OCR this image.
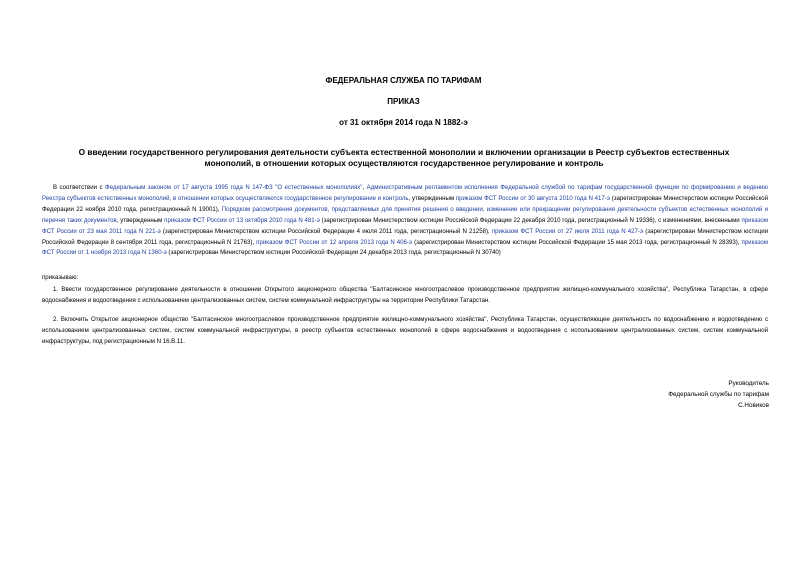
ФЕДЕРАЛЬНАЯ СЛУЖБА ПО ТАРИФАМ
ПРИКАЗ
от 31 октября 2014 года N 1882-э
О введении государственного регулирования деятельности субъекта естественной монополии и включении организации в Реестр субъектов естественных монополий, в отношении которых осуществляются государственное регулирование и контроль
В соответствии с Федеральным законом от 17 августа 1995 года N 147-ФЗ "О естественных монополиях", Административным регламентом исполнения Федеральной службой по тарифам государственной функции по формированию и ведению Реестра субъектов естественных монополий, в отношении которых осуществляются государственное регулирование и контроль, утвержденным приказом ФСТ России от 30 августа 2010 года N 417-э (зарегистрирован Министерством юстиции Российской Федерации 22 ноября 2010 года, регистрационный N 19001), Порядком рассмотрения документов, представляемых для принятия решения о введении, изменении или прекращении регулирования деятельности субъектов естественных монополий и перечня таких документов, утвержденным приказом ФСТ России от 13 октября 2010 года N 481-э (зарегистрирован Министерством юстиции Российской Федерации 22 декабря 2010 года, регистрационный N 19336), с изменениями, внесенными приказом ФСТ России от 23 мая 2011 года N 221-э (зарегистрирован Министерством юстиции Российской Федерации 4 июля 2011 года, регистрационный N 21258), приказом ФСТ России от 27 июля 2011 года N 427-э (зарегистрирован Министерством юстиции Российской Федерации 8 сентября 2011 года, регистрационный N 21763), приказом ФСТ России от 12 апреля 2013 года N 406-э (зарегистрирован Министерством юстиции Российской Федерации 15 мая 2013 года, регистрационный N 28393), приказом ФСТ России от 1 ноября 2013 года N 1360-э (зарегистрирован Министерством юстиции Российской Федерации 24 декабря 2013 года, регистрационный N 30740)
приказываю:
1. Ввести государственное регулирование деятельности в отношении Открытого акционерного общества "Балтасинское многоотраслевое производственное предприятие жилищно-коммунального хозяйства", Республика Татарстан, в сфере водоснабжения и водоотведения с использованием централизованных систем, систем коммунальной инфраструктуры на территории Республики Татарстан.
2. Включить Открытое акционерное общество "Балтасинское многоотраслевое производственное предприятие жилищно-коммунального хозяйства", Республика Татарстан, осуществляющее деятельность по водоснабжению и водоотведению с использованием централизованных систем, систем коммунальной инфраструктуры, в реестр субъектов естественных монополий в сфере водоснабжения и водоотведения с использованием централизованных систем, систем коммунальной инфраструктуры, под регистрационным N 16.В.11.
Руководитель
Федеральной службы по тарифам
С.Новиков
